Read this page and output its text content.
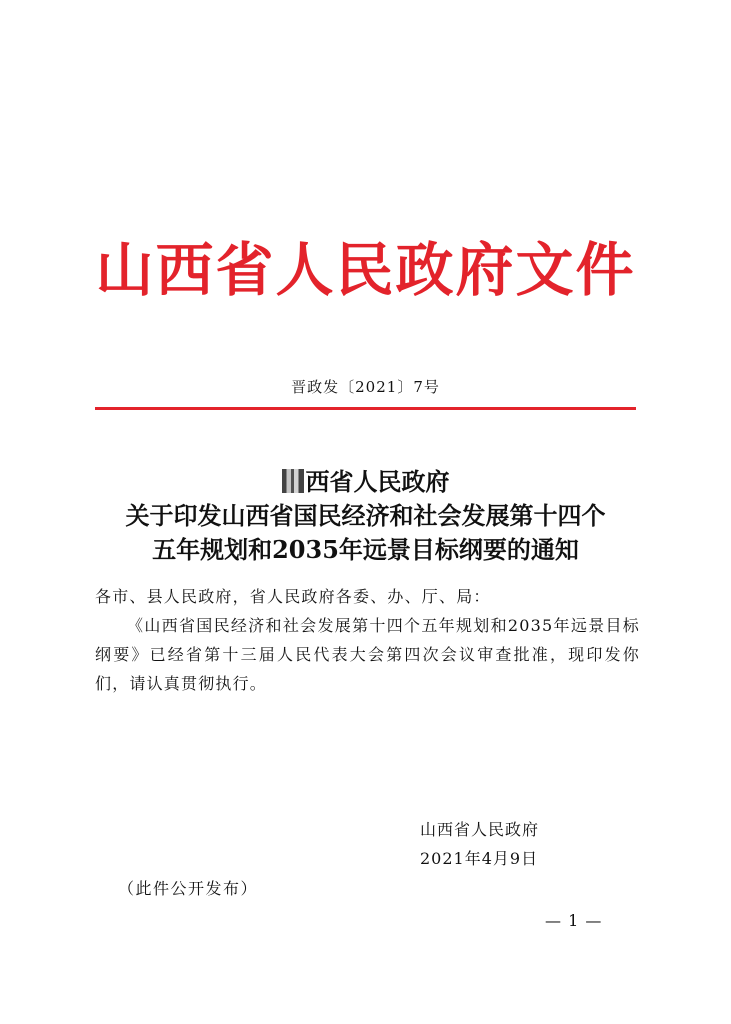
山西省人民政府文件
晋政发〔2021〕7号
西省人民政府
关于印发山西省国民经济和社会发展第十四个
五年规划和2035年远景目标纲要的通知
各市、县人民政府，省人民政府各委、办、厅、局：
《山西省国民经济和社会发展第十四个五年规划和2035年远景目标纲要》已经省第十三届人民代表大会第四次会议审查批准，现印发你们，请认真贯彻执行。
山西省人民政府
2021年4月9日
（此件公开发布）
— 1 —
